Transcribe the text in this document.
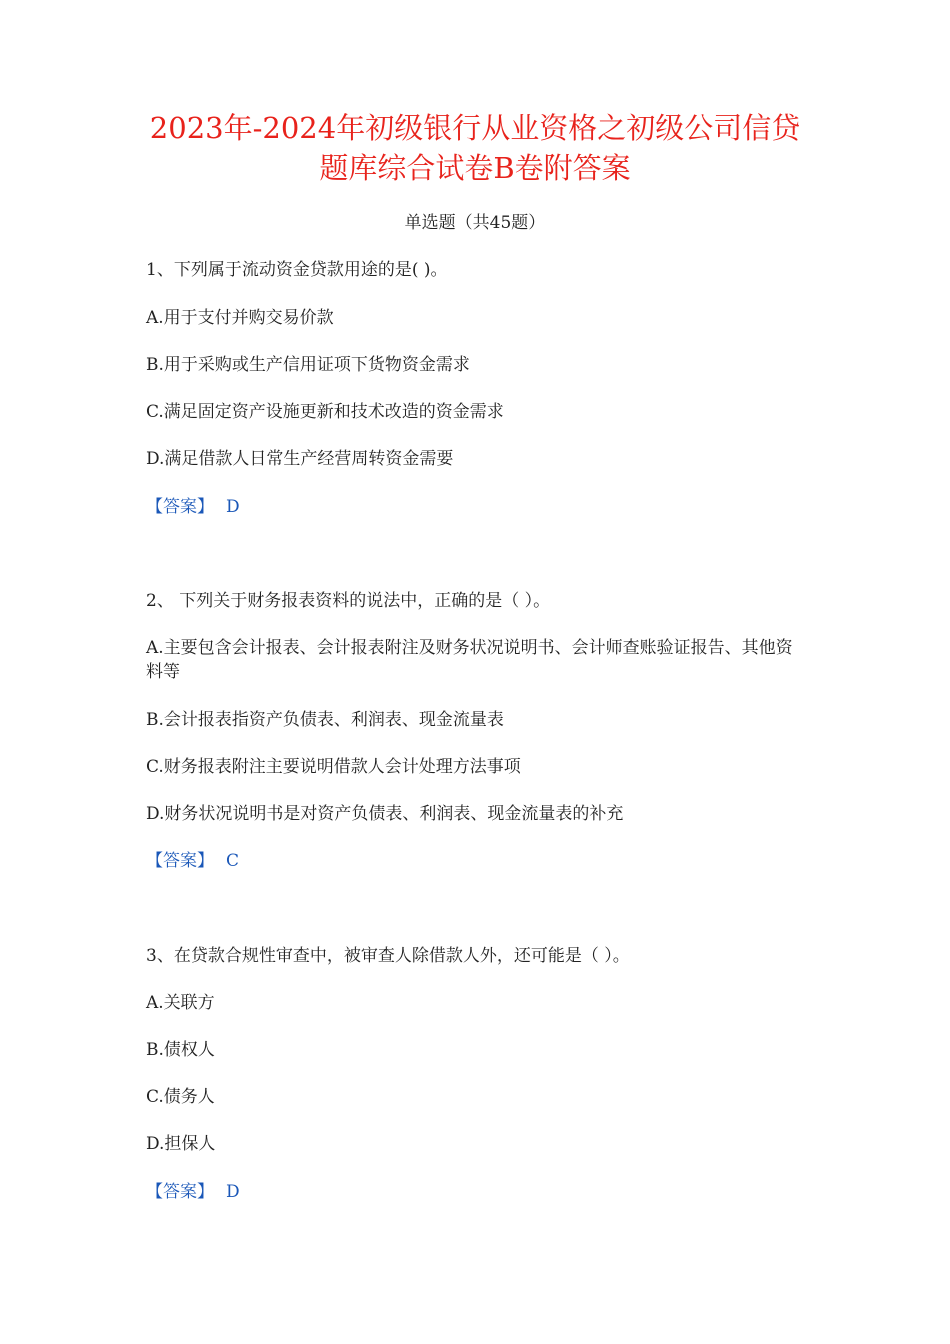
2023年-2024年初级银行从业资格之初级公司信贷
题库综合试卷B卷附答案
单选题（共45题）
1、下列属于流动资金贷款用途的是( )。
A.用于支付并购交易价款
B.用于采购或生产信用证项下货物资金需求
C.满足固定资产设施更新和技术改造的资金需求
D.满足借款人日常生产经营周转资金需要
【答案】 D
2、 下列关于财务报表资料的说法中，正确的是（ ）。
A.主要包含会计报表、会计报表附注及财务状况说明书、会计师查账验证报告、其他资料等
B.会计报表指资产负债表、利润表、现金流量表
C.财务报表附注主要说明借款人会计处理方法事项
D.财务状况说明书是对资产负债表、利润表、现金流量表的补充
【答案】 C
3、在贷款合规性审查中，被审查人除借款人外，还可能是（ ）。
A.关联方
B.债权人
C.债务人
D.担保人
【答案】 D
